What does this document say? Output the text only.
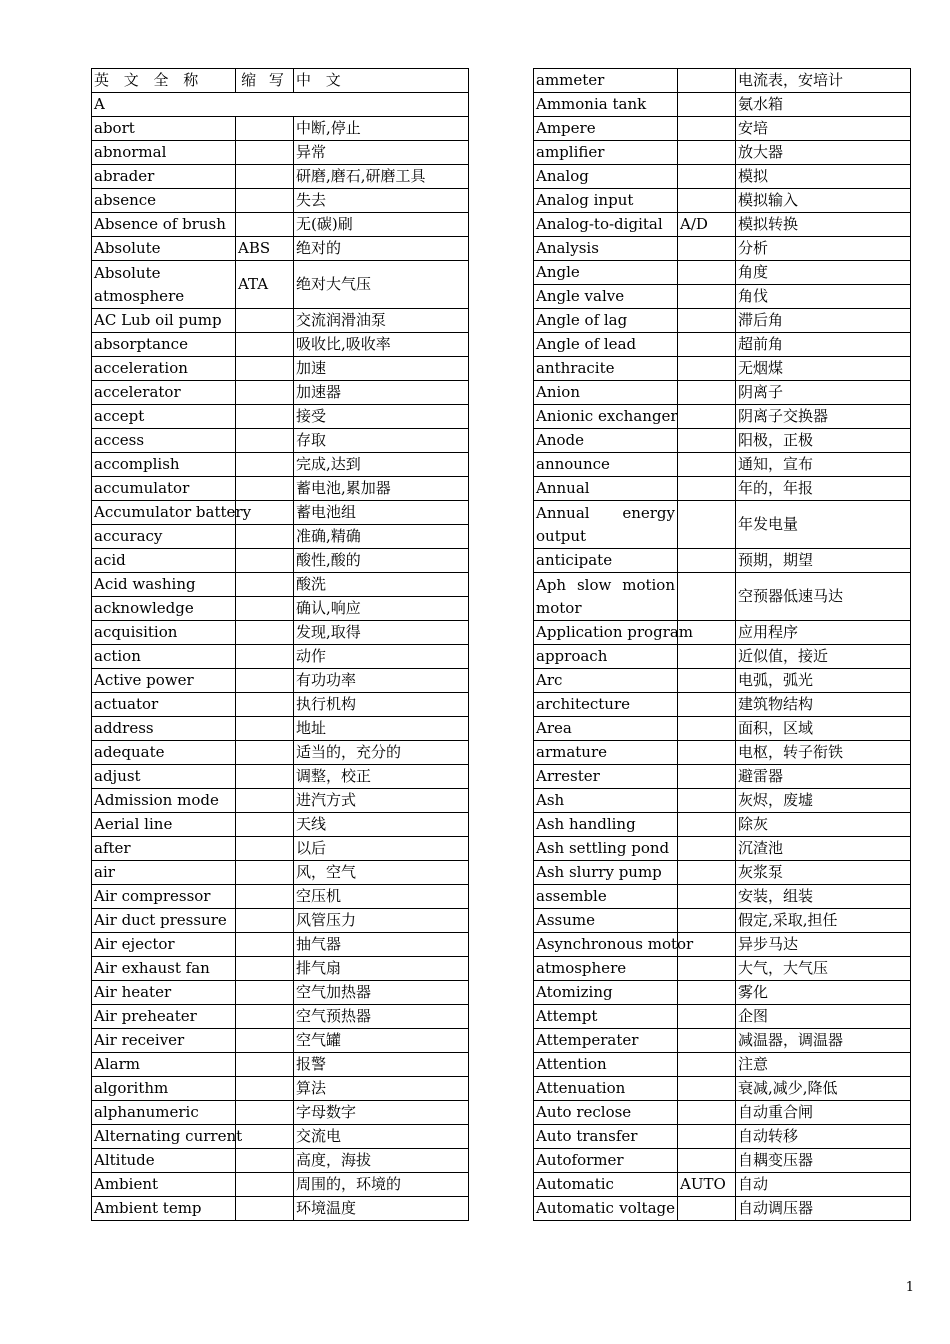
英 文 全 称	缩 写	中 文
A		
abort		中断,停止
abnormal		异常
abrader		研磨,磨石,研磨工具
absence		失去
Absence of brush		无(碳)刷
Absolute	ABS	绝对的
Absolute atmosphere	ATA	绝对大气压
AC Lub oil pump		交流润滑油泵
absorptance		吸收比,吸收率
acceleration		加速
accelerator		加速器
accept		接受
access		存取
accomplish		完成,达到
accumulator		蓄电池,累加器
Accumulator battery		蓄电池组
accuracy		准确,精确
acid		酸性,酸的
Acid washing		酸洗
acknowledge		确认,响应
acquisition		发现,取得
action		动作
Active power		有功功率
actuator		执行机构
address		地址
adequate		适当的，充分的
adjust		调整，校正
Admission mode		进汽方式
Aerial line		天线
after		以后
air		风，空气
Air compressor		空压机
Air duct pressure		风管压力
Air ejector		抽气器
Air exhaust fan		排气扇
Air heater		空气加热器
Air preheater		空气预热器
Air receiver		空气罐
Alarm		报警
algorithm		算法
alphanumeric		字母数字
Alternating current		交流电
Altitude		高度，海拔
Ambient		周围的，环境的
Ambient temp		环境温度
ammeter		电流表，安培计
Ammonia tank		氨水箱
Ampere		安培
amplifier		放大器
Analog		模拟
Analog input		模拟输入
Analog-to-digital	A/D	模拟转换
Analysis		分析
Angle		角度
Angle valve		角伐
Angle of lag		滞后角
Angle of lead		超前角
anthracite		无烟煤
Anion		阴离子
Anionic exchanger		阴离子交换器
Anode		阳极，正极
announce		通知，宣布
Annual		年的，年报
Annual energy output		年发电量
anticipate		预期，期望
Aph slow motion motor		空预器低速马达
Application program		应用程序
approach		近似值，接近
Arc		电弧，弧光
architecture		建筑物结构
Area		面积，区域
armature		电枢，转子衔铁
Arrester		避雷器
Ash		灰烬，废墟
Ash handling		除灰
Ash settling pond		沉渣池
Ash slurry pump		灰浆泵
assemble		安装，组装
Assume		假定,采取,担任
Asynchronous motor		异步马达
atmosphere		大气，大气压
Atomizing		雾化
Attempt		企图
Attemperater		减温器，调温器
Attention		注意
Attenuation		衰减,减少,降低
Auto reclose		自动重合闸
Auto transfer		自动转移
Autoformer		自耦变压器
Automatic	AUTO	自动
Automatic voltage		自动调压器
1
